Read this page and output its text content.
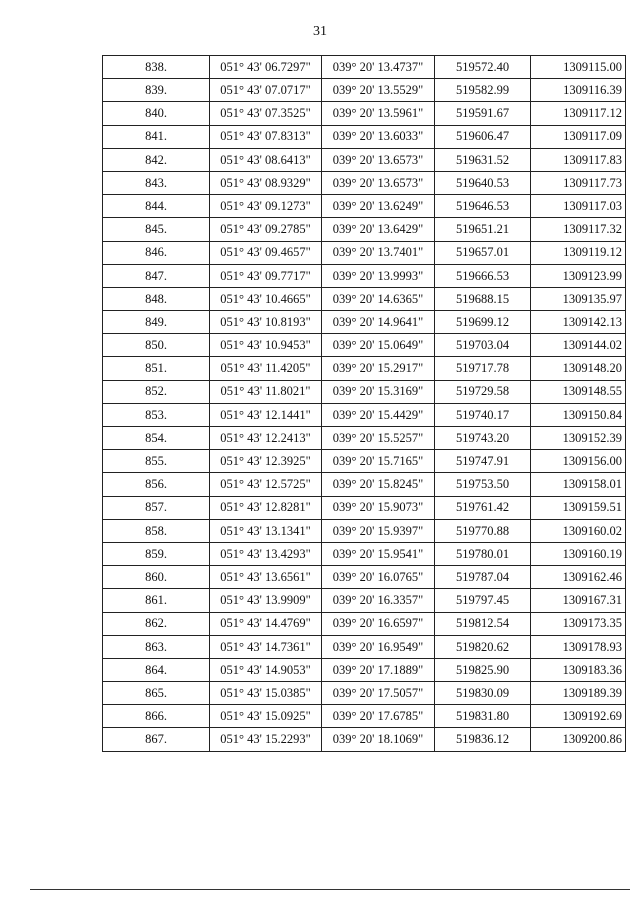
31
838.	051° 43' 06.7297"	039° 20' 13.4737"	519572.40	1309115.00
839.	051° 43' 07.0717"	039° 20' 13.5529"	519582.99	1309116.39
840.	051° 43' 07.3525"	039° 20' 13.5961"	519591.67	1309117.12
841.	051° 43' 07.8313"	039° 20' 13.6033"	519606.47	1309117.09
842.	051° 43' 08.6413"	039° 20' 13.6573"	519631.52	1309117.83
843.	051° 43' 08.9329"	039° 20' 13.6573"	519640.53	1309117.73
844.	051° 43' 09.1273"	039° 20' 13.6249"	519646.53	1309117.03
845.	051° 43' 09.2785"	039° 20' 13.6429"	519651.21	1309117.32
846.	051° 43' 09.4657"	039° 20' 13.7401"	519657.01	1309119.12
847.	051° 43' 09.7717"	039° 20' 13.9993"	519666.53	1309123.99
848.	051° 43' 10.4665"	039° 20' 14.6365"	519688.15	1309135.97
849.	051° 43' 10.8193"	039° 20' 14.9641"	519699.12	1309142.13
850.	051° 43' 10.9453"	039° 20' 15.0649"	519703.04	1309144.02
851.	051° 43' 11.4205"	039° 20' 15.2917"	519717.78	1309148.20
852.	051° 43' 11.8021"	039° 20' 15.3169"	519729.58	1309148.55
853.	051° 43' 12.1441"	039° 20' 15.4429"	519740.17	1309150.84
854.	051° 43' 12.2413"	039° 20' 15.5257"	519743.20	1309152.39
855.	051° 43' 12.3925"	039° 20' 15.7165"	519747.91	1309156.00
856.	051° 43' 12.5725"	039° 20' 15.8245"	519753.50	1309158.01
857.	051° 43' 12.8281"	039° 20' 15.9073"	519761.42	1309159.51
858.	051° 43' 13.1341"	039° 20' 15.9397"	519770.88	1309160.02
859.	051° 43' 13.4293"	039° 20' 15.9541"	519780.01	1309160.19
860.	051° 43' 13.6561"	039° 20' 16.0765"	519787.04	1309162.46
861.	051° 43' 13.9909"	039° 20' 16.3357"	519797.45	1309167.31
862.	051° 43' 14.4769"	039° 20' 16.6597"	519812.54	1309173.35
863.	051° 43' 14.7361"	039° 20' 16.9549"	519820.62	1309178.93
864.	051° 43' 14.9053"	039° 20' 17.1889"	519825.90	1309183.36
865.	051° 43' 15.0385"	039° 20' 17.5057"	519830.09	1309189.39
866.	051° 43' 15.0925"	039° 20' 17.6785"	519831.80	1309192.69
867.	051° 43' 15.2293"	039° 20' 18.1069"	519836.12	1309200.86
